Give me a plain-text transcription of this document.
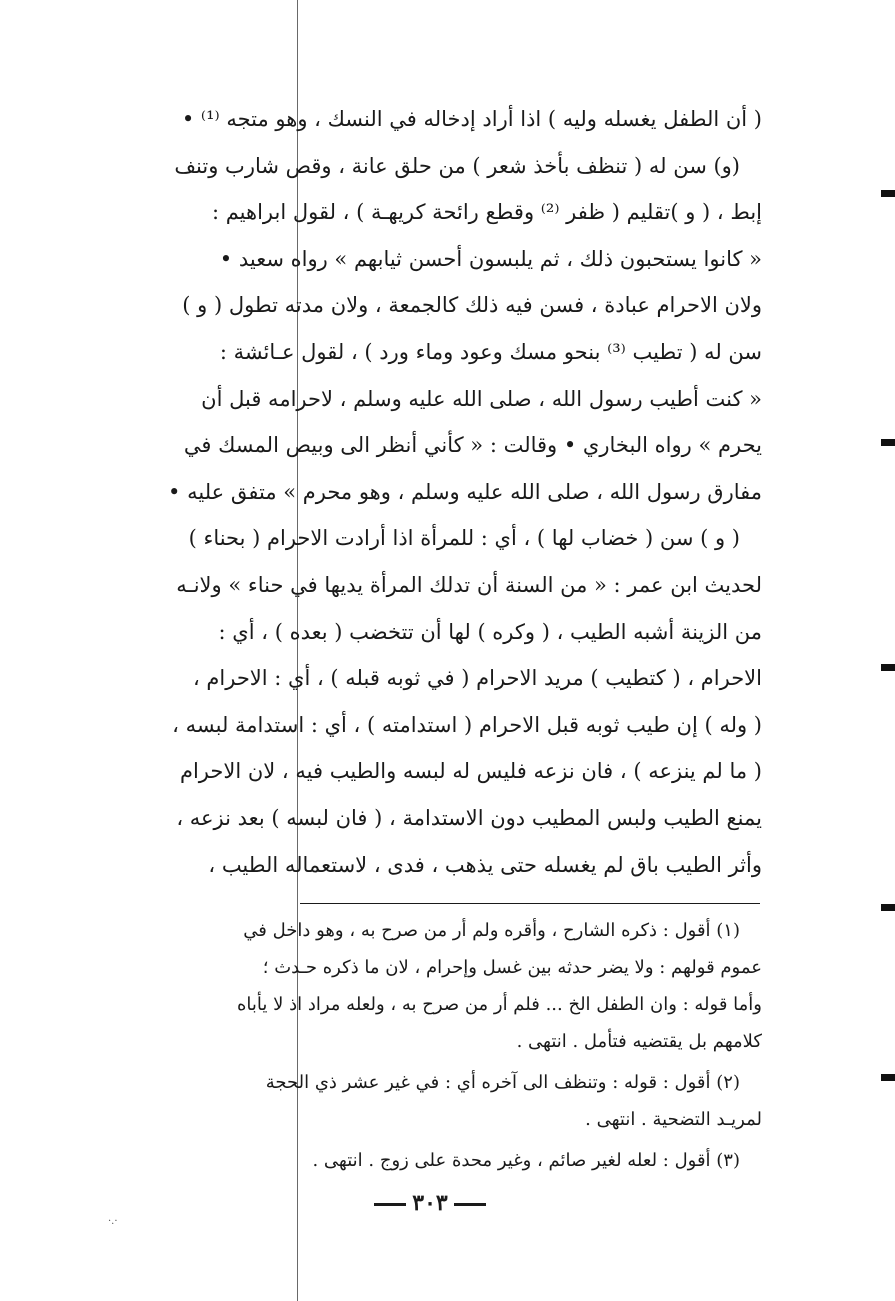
( أن الطفل يغسله وليه ) اذا أراد إدخاله في النسك ، وهو متجه ⁽¹⁾ •
(و) سن له ( تنظف بأخذ شعر ) من حلق عانة ، وقص شارب وتنف
إبط ، ( و )تقليم ( ظفر ⁽²⁾ وقطع رائحة كريهـة ) ، لقول ابراهيم :
« كانوا يستحبون ذلك ، ثم يلبسون أحسن ثيابهم » رواه سعيد •
ولان الاحرام عبادة ، فسن فيه ذلك كالجمعة ، ولان مدته تطول ( و )
سن له ( تطيب ⁽³⁾ بنحو مسك وعود وماء ورد ) ، لقول عـائشة :
« كنت أطيب رسول الله ، صلى الله عليه وسلم ، لاحرامه قبل أن
يحرم » رواه البخاري • وقالت : « كأني أنظر الى وبيص المسك في
مفارق رسول الله ، صلى الله عليه وسلم ، وهو محرم » متفق عليه •
( و ) سن ( خضاب لها ) ، أي : للمرأة اذا أرادت الاحرام ( بحناء )
لحديث ابن عمر : « من السنة أن تدلك المرأة يديها في حناء » ولانـه
من الزينة أشبه الطيب ، ( وكره ) لها أن تتخضب ( بعده ) ، أي :
الاحرام ، ( كتطيب ) مريد الاحرام ( في ثوبه قبله ) ، أي : الاحرام ،
( وله ) إن طيب ثوبه قبل الاحرام ( استدامته ) ، أي : استدامة لبسه ،
( ما لم ينزعه ) ، فان نزعه فليس له لبسه والطيب فيه ، لان الاحرام
يمنع الطيب ولبس المطيب دون الاستدامة ، ( فان لبسه ) بعد نزعه ،
وأثر الطيب باق لم يغسله حتى يذهب ، فدى ، لاستعماله الطيب ،
(١) أقول : ذكره الشارح ، وأقره ولم أر من صرح به ، وهو داخل في
عموم قولهم : ولا يضر حدثه بين غسل وإحرام ، لان ما ذكره حـدث ؛
وأما قوله : وان الطفل الخ ... فلم أر من صرح به ، ولعله مراد اذ لا يأباه
كلامهم بل يقتضيه فتأمل . انتهى .
(٢) أقول : قوله : وتنظف الى آخره أي : في غير عشر ذي الحجة
لمريـد التضحية . انتهى .
(٣) أقول : لعله لغير صائم ، وغير محدة على زوج . انتهى .
٣٠٣
·.·
